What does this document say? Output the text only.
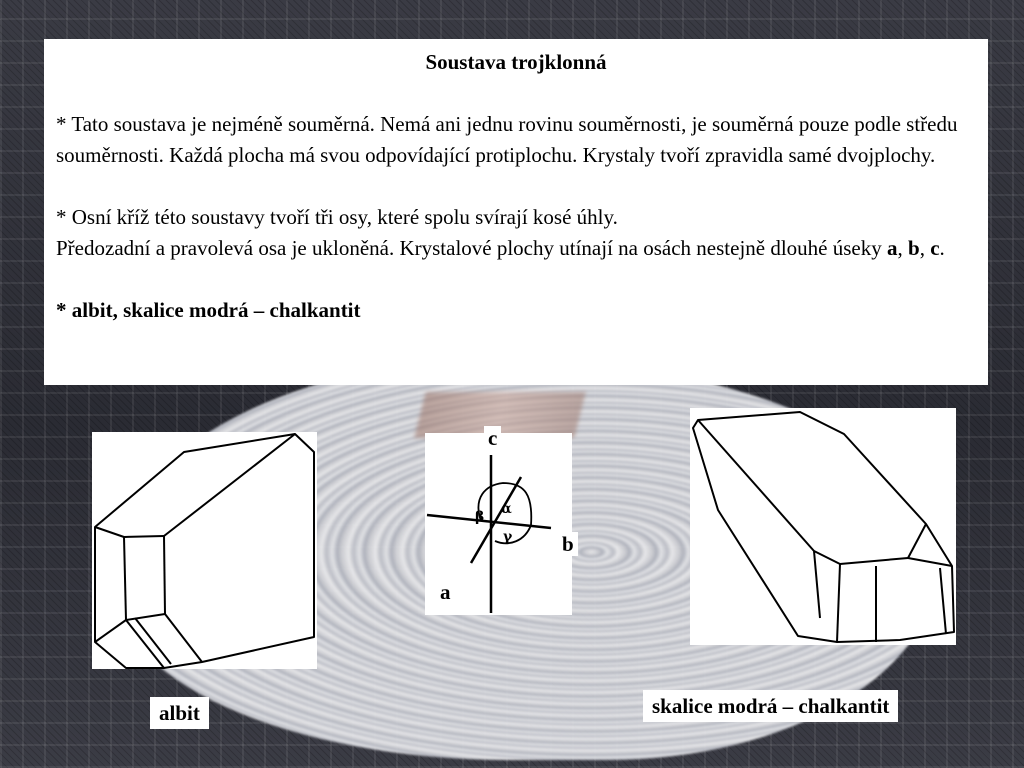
Soustava trojklonná

* Tato soustava je nejméně souměrná. Nemá ani jednu rovinu souměrnosti, je souměrná pouze podle středu souměrnosti. Každá plocha má svou odpovídající protiplochu. Krystaly tvoří zpravidla samé dvojplochy.

* Osní kříž této soustavy tvoří tři osy, které spolu svírají kosé úhly.
Předozadní a pravolevá osa je ukloněná. Krystalové plochy utínají na osách nestejně dlouhé úseky a, b, c.

* albit, skalice modrá – chalkantit

β α
γ
c
b
a
albit	skalice modrá – chalkantit
